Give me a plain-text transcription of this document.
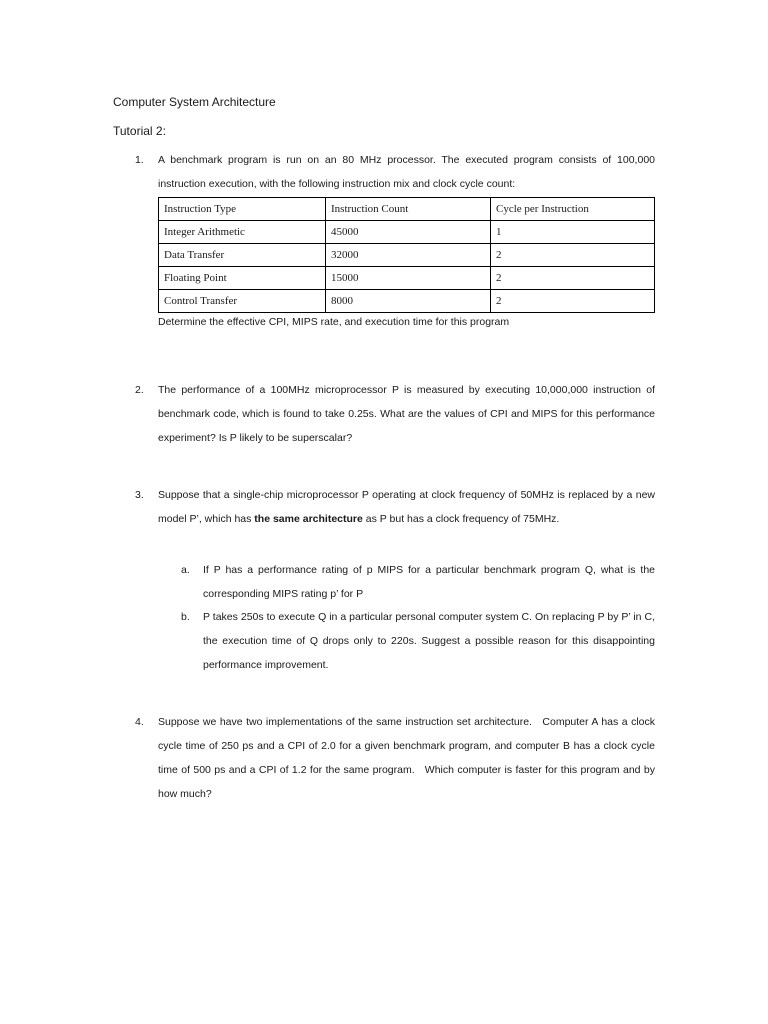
Computer System Architecture
Tutorial 2:
1.	A benchmark program is run on an 80 MHz processor. The executed program consists of 100,000 instruction execution, with the following instruction mix and clock cycle count:
Instruction Type	Instruction Count	Cycle per Instruction
Integer Arithmetic	45000	1
Data Transfer	32000	2
Floating Point	15000	2
Control Transfer	8000	2
Determine the effective CPI, MIPS rate, and execution time for this program
2.	The performance of a 100MHz microprocessor P is measured by executing 10,000,000 instruction of benchmark code, which is found to take 0.25s. What are the values of CPI and MIPS for this performance experiment? Is P likely to be superscalar?
3.	Suppose that a single-chip microprocessor P operating at clock frequency of 50MHz is replaced by a new model P’, which has the same architecture as P but has a clock frequency of 75MHz.
a. If P has a performance rating of p MIPS for a particular benchmark program Q, what is the corresponding MIPS rating p’ for P
b. P takes 250s to execute Q in a particular personal computer system C. On replacing P by P’ in C, the execution time of Q drops only to 220s. Suggest a possible reason for this disappointing performance improvement.
4.	Suppose we have two implementations of the same instruction set architecture.   Computer A has a clock cycle time of 250 ps and a CPI of 2.0 for a given benchmark program, and computer B has a clock cycle time of 500 ps and a CPI of 1.2 for the same program.   Which computer is faster for this program and by how much?
